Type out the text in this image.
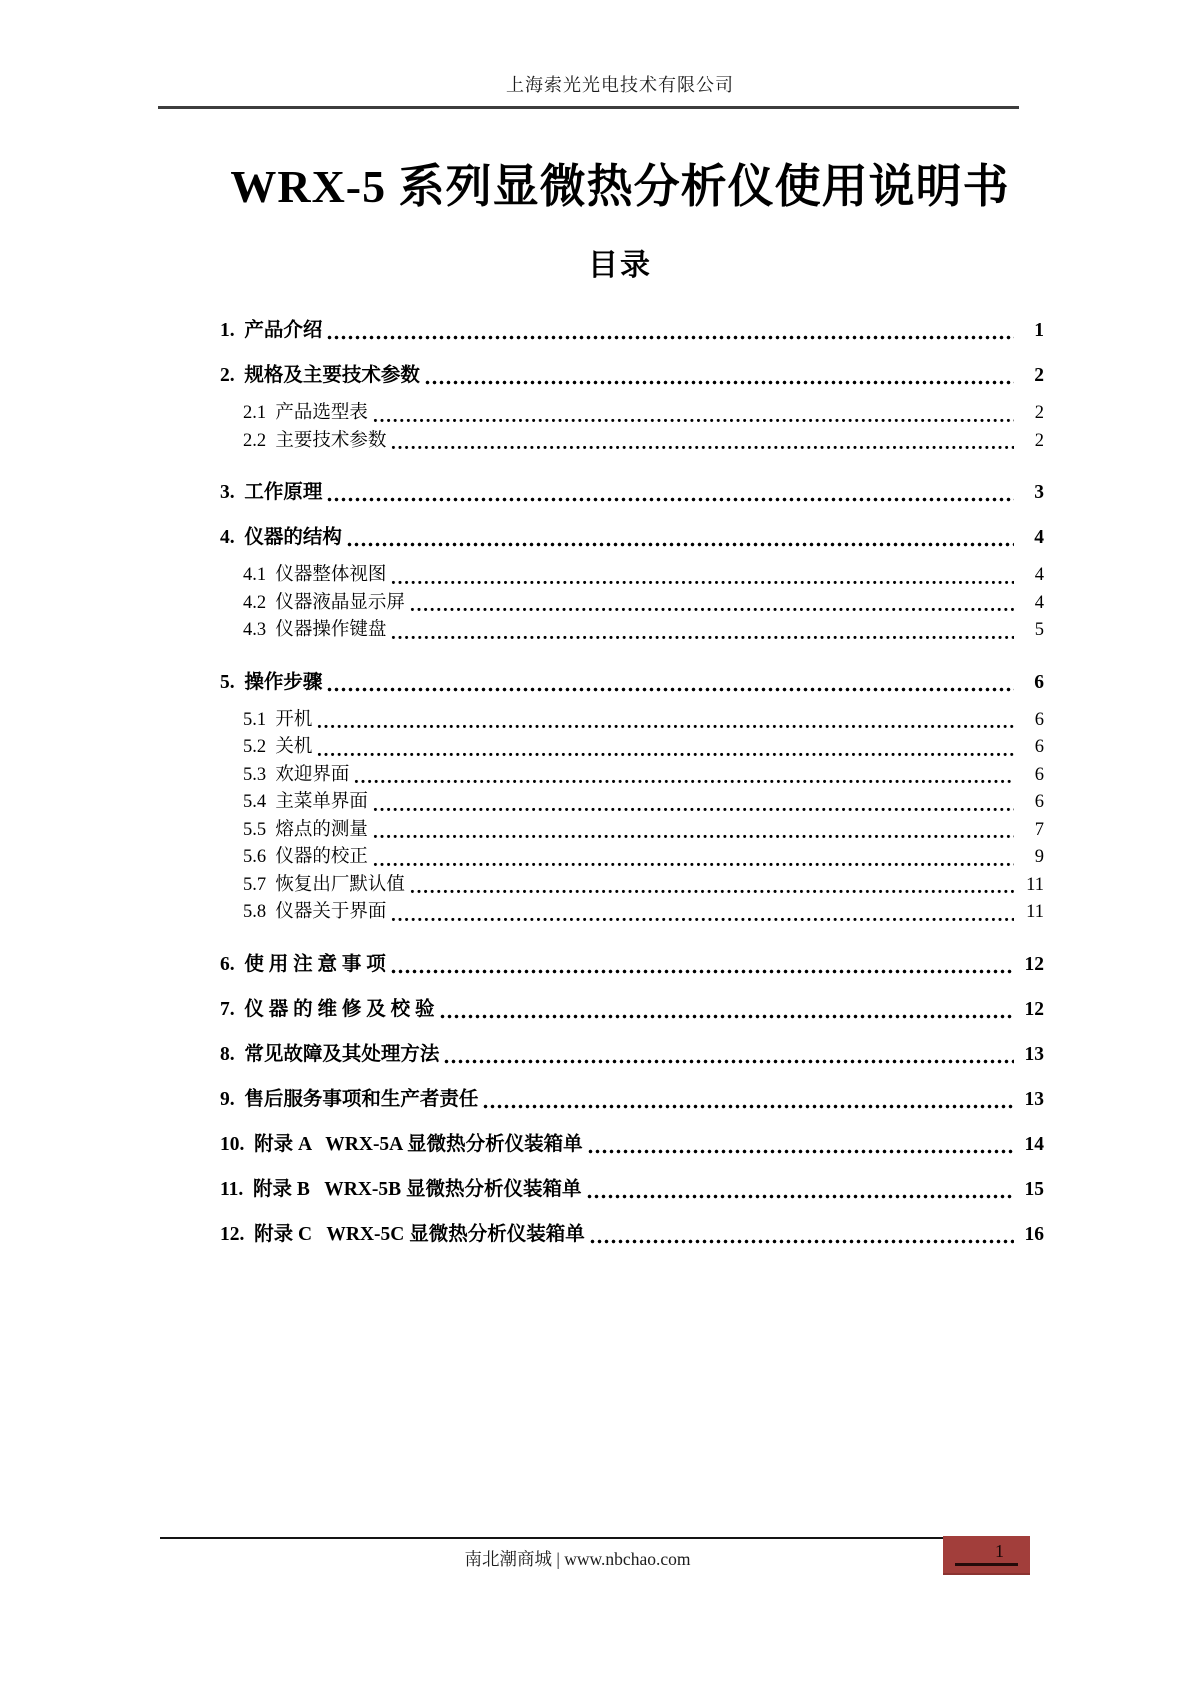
上海索光光电技术有限公司
WRX-5 系列显微热分析仪使用说明书
目录
1.  产品介绍	1
2.  规格及主要技术参数	2
2.1  产品选型表	2
2.2  主要技术参数	2
3.  工作原理	3
4.  仪器的结构	4
4.1  仪器整体视图	4
4.2  仪器液晶显示屏	4
4.3  仪器操作键盘	5
5.  操作步骤	6
5.1  开机	6
5.2  关机	6
5.3  欢迎界面	6
5.4  主菜单界面	6
5.5  熔点的测量	7
5.6  仪器的校正	9
5.7  恢复出厂默认值	11
5.8  仪器关于界面	11
6.  使 用 注 意 事 项	12
7.  仪 器 的 维 修 及 校 验	12
8.  常见故障及其处理方法	13
9.  售后服务事项和生产者责任	13
10.  附录 A   WRX-5A 显微热分析仪装箱单	14
11.  附录 B   WRX-5B 显微热分析仪装箱单	15
12.  附录 C   WRX-5C 显微热分析仪装箱单	16
南北潮商城 | www.nbchao.com	1
